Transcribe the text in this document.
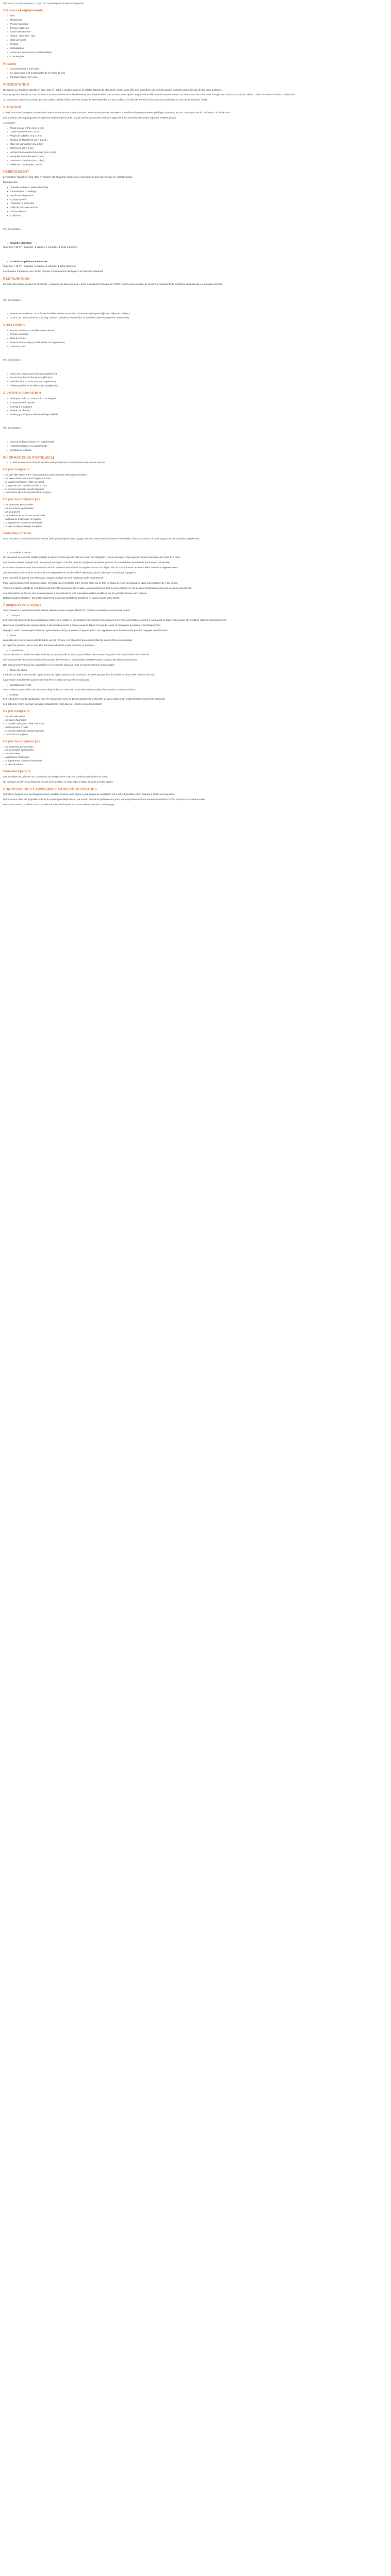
Découvrez à 3 pers comprenant : Ce prix ne comprend pas Formalités Consignation
Services et équipements
■ Wifi
■ Restaurant
■ Piscine intérieure
■ Piscine extérieure
■ Centre de bien-être
■ Sauna - hammam - spa
■ Salle de fitness
■ Parking
■ Climatisation
■ Accès aux personnes à mobilité réduite
■ Conciergerie
Résumé
■ Le premier pas à tarif réduit
■ Le cadre naturel et la tranquillité de cet hôtel de luxe
■ L'espace Spa et bien-être
PRÉSENTATION

Bienvenue au Vendôme Marrakech Spa Hôtel 4* ! Situé à quelques pas de la célèbre Médina de Marrakech, l'hôtel vous offre une parenthèse de sérénité dans le tourbillon d'une des plus belles villes du Maroc.

Avec ses jardins luxuriants, ses piscines et son espace bien-être, l'établissement est l'endroit idéal pour se ressourcer après une journée de découverte dans les souks. Les chambres, décorées dans un style marocain contemporain, allient confort moderne et charme traditionnel.

Au restaurant, laissez-vous tenter par une cuisine raffinée mêlant saveurs locales et internationales. Le soir, profitez d'un thé à la menthe sur la terrasse en admirant le coucher de soleil sur l'Atlas.

SITUATION

L'hôtel se trouve à quelques minutes de la place Jemaa el-Fna et des principaux sites touristiques de Marrakech. Il bénéficie d'un emplacement privilégié, au calme, tout en restant proche de l'animation de la ville ocre.

Les amateurs de shopping pourront rejoindre facilement les souks, tandis que les passionnés d'histoire apprécieront la proximité des palais et jardins emblématiques.

À proximité :

■ Place Jemaa el-Fna (env. 2 km)
■ Jardin Majorelle (env. 3 km)
■ Palais de la Bahia (env. 3 km)
■ Médina de Marrakech (env. 1,5 km)
■ Gare de Marrakech (env. 2 km)
■ Golf Royal (env. 5 km)
■ Aéroport de Marrakech-Ménara (env. 6 km)
■ Mosquée Koutoubia (env. 2 km)
■ Tombeaux Saadiens (env. 3 km)
■ Vallée de l'Ourika (env. 35 km)
HÉBERGEMENT

Le Vendôme Marrakech Spa Hôtel 4* compte 160 chambres spacieuses et lumineuses aménagées pour un confort optimal.

Équipements :

■ Terrasse ou balcon (selon chambre)
■ Climatisation / chauffage
■ Ventilateur de plafond
■ Connexion Wifi
■ Télévision à écran plat
■ Salle de bain avec douche
■ Sèche-cheveux
■ Coffre-fort

Prix par chambre :

■ Chambre Standard

Superficie : 26 m² - Capacité : 2 adultes, 2 enfants et 1 bébé maximum

■ Chambre Supérieure vue Piscine

Superficie : 28 m² - Capacité : 3 adultes, 1 enfant et 1 bébé maximum

La Chambre Supérieure vue Piscine dispose d'équipements identiques à la Chambre Standard.

RESTAURATION

Lors de votre séjour, profitez de la formule « Logement et petit-déjeuner » dans le restaurant principal de l'hôtel. Pour les autres repas, de nombreux restaurants de la Médina vous attendent à quelques minutes.

Prix par chambre :

■ Restaurant Andalous : sous forme de buffet, cuisine marocaine et internationale (petit-déjeuner, déjeuner et dîner).
■ Snack bar : sous forme de snacking, salades, grillades et sandwichs au bord de la piscine (déjeuner uniquement).
VOS LOISIRS
■ Piscine extérieure chauffée (selon saison)
■ Piscine intérieure
■ Bain à remous
■ Espace de massage (sur demande, en supplément)
■ Salle de sport

Prix par chambre :

■ Cours de cuisine marocaine (en supplément)
■ Excursions dans l'Atlas (en supplément)
■ Balade à dos de chameau (en supplément)
■ Visites guidées de la Médina (en supplément)
À VOTRE DISPOSITION
■ Réception 24h/24 - Service de conciergerie
■ Connexion Wifi gratuite
■ Consigne à bagages
■ Bureau de change
■ Parking gratuit (sous réserve de disponibilité)

Prix par chambre :

■ Service de blanchisserie (en supplément)
■ Transfert aéroport (en supplément)
■ Location de voitures
INFORMATION(S) PRATIQUE(S)
■ L'hôtel se réserve le droit de modifier sans préavis les horaires d'ouverture de ses services
Ce prix comprend
- Les vols aller-retour Paris / Marrakech (ou autre aéroport selon option choisie)
- Les taxes d'aéroport et surcharge carburant
- Le transfert aéroport / hôtel / aéroport
- Le logement en chambre double, 7 nuits
- La formule logement et petit-déjeuner
- L'assistance de notre représentant sur place
Ce prix ne comprend pas
- Les dépenses personnelles
- Les excursions optionnelles
- Les pourboires
- Les boissons et repas non mentionnés
- L'assurance multirisque (en option)
- Le supplément chambre individuelle
- La taxe de séjour à régler sur place
Formalités & Santé

Vous trouverez ci-dessous les informations utiles pour préparer votre voyage. Pour les ressortissants d'autres nationalités, nous vous invitons à vous rapprocher des autorités compétentes.

■ Formalités d'entrée

Un passeport en cours de validité (valable au moins 6 mois après la date de retour) est obligatoire. Aucun visa n'est requis pour un séjour touristique de moins de 3 mois.

Les mineurs doivent voyager avec leur propre passeport. Pour les mineurs voyageant sans leurs parents, une autorisation de sortie du territoire est nécessaire.

Nous vous recommandons de consulter le site du Ministère des Affaires Étrangères avant votre départ afin de vous informer des éventuelles évolutions réglementaires.

Les informations de santé et de sécurité sont disponibles sur le site officiel diplomatie.gouv.fr, rubrique Conseils aux voyageurs.

Il est conseillé de prévoir une assurance voyage couvrant les frais médicaux et de rapatriement.

Pour tout renseignement complémentaire, n'hésitez pas à contacter notre service client qui se fera un plaisir de vous accompagner dans la préparation de votre séjour.

Veillez à vérifier la validité de vos documents d'identité avant toute réservation. Aucun remboursement ne sera effectué en cas de refus d'embarquement pour défaut de documents.

Les informations ci-dessus sont communiquées à titre indicatif et sont susceptibles d'être modifiées par les autorités locales sans préavis.

Réglementation Sanitaire : Consultez également les recommandations sanitaires en vigueur avant votre départ.

À propos de votre voyage

Vous trouverez ci-dessous les informations relatives à votre voyage. Merci d'en prendre connaissance avant votre départ.

■ Transport

Les vols sont assurés par des compagnies régulières ou charters. Les horaires vous seront communiqués avec votre convocation, environ 7 jours avant le départ. Ils peuvent être modifiés jusqu'au dernier moment.

Nous vous conseillons de vous présenter à l'aéroport au moins 2 heures avant le départ. En cas de retard, la compagnie peut refuser l'embarquement.

Bagages : selon la compagnie aérienne, généralement 20 kg en soute et 5 kg en cabine. Un supplément peut être demandé pour les bagages excédentaires.

■ Hôtel

La remise des clés se fait à partir de 14h le jour de l'arrivée. Les chambres doivent être libérées avant 12h le jour du départ.

Un dépôt de garantie pourra vous être demandé à l'arrivée (carte bancaire ou espèces).

■ Classification

La classification en étoiles est celle attribuée par les autorités locales et peut différer des normes françaises. Elle est donnée à titre indicatif.

Les équipements et services mentionnés peuvent être fermés ou indisponibles en basse saison ou pour des raisons techniques.

Des travaux peuvent avoir lieu dans l'hôtel ou à proximité sans que nous en soyons informés au préalable.

■ Durée du séjour

La durée du séjour est calculée depuis le jour de départ jusqu'au jour de retour. Les nuits peuvent être écourtées en raison des horaires des vols.

La première et la dernière journée peuvent être en partie consacrées au transport.

■ Conditions de vente

Les conditions particulières de vente sont disponibles sur notre site. Toute réservation implique l'acceptation de ces conditions.

■ Enfants

Les réductions enfants s'appliquent pour les enfants de moins de 12 ans partageant la chambre de deux adultes. Un justificatif d'âge pourra être demandé.

Les bébés de moins de 2 ans voyagent gratuitement (hors taxes et lit bébé selon disponibilité).

Ce prix comprend
- Les vols aller-retour
- Les taxes d'aéroport
- Le transfert aéroport / hôtel / aéroport
- L'hébergement 7 nuits
- La formule logement et petit-déjeuner
- L'assistance sur place
Ce prix ne comprend pas
- Les dépenses personnelles
- Les excursions optionnelles
- Les pourboires
- L'assurance multirisque
- Le supplément chambre individuelle
- La taxe de séjour
Formalité Épargne

Les modalités de paiement et d'annulation sont disponibles dans nos conditions générales de vente.

Un acompte de 30% sera demandé lors de la réservation, le solde étant à régler 30 jours avant le départ.

CONCIERGERIE ET ASSISTANCE CARREFOUR VOYAGES

Carrefour Voyages vous accompagne avant, pendant et après votre séjour. Notre équipe de conseillers est à votre disposition pour répondre à toutes vos questions.

Notre service client est joignable du lundi au samedi par téléphone ou par e-mail. En cas de problème sur place, notre représentant local ou notre assistance 24h/24 pourront vous venir en aide.

Retrouvez toutes nos offres et nos conseils sur notre site internet et sur nos réseaux sociaux. Bon voyage !
